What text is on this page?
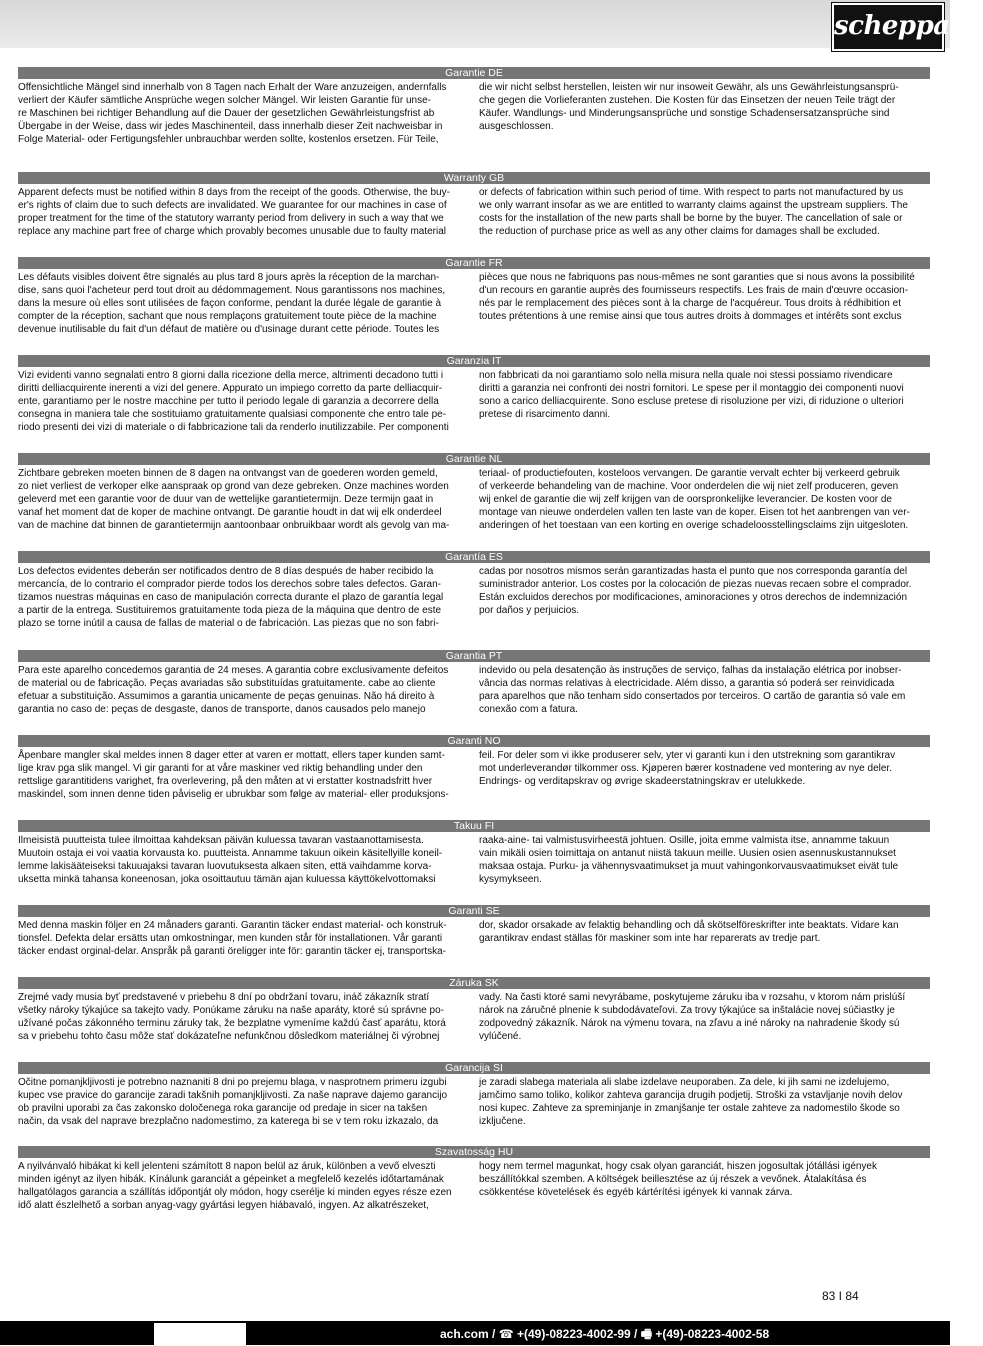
scheppach
Garantie DE
Offensichtliche Mängel sind innerhalb von 8 Tagen nach Erhalt der Ware anzuzeigen, andernfalls
verliert der Käufer sämtliche Ansprüche wegen solcher Mängel. Wir leisten Garantie für unse-
re Maschinen bei richtiger Behandlung auf die Dauer der gesetzlichen Gewährleistungsfrist ab
Übergabe in der Weise, dass wir jedes Maschinenteil, dass innerhalb dieser Zeit nachweisbar in
Folge Material- oder Fertigungsfehler unbrauchbar werden sollte, kostenlos ersetzen. Für Teile,
die wir nicht selbst herstellen, leisten wir nur insoweit Gewähr, als uns Gewährleistungsansprü-
che gegen die Vorlieferanten zustehen. Die Kosten für das Einsetzen der neuen Teile trägt der
Käufer. Wandlungs- und Minderungsansprüche und sonstige Schadensersatzansprüche sind
ausgeschlossen.
Warranty GB
Apparent defects must be notified within 8 days from the receipt of the goods. Otherwise, the buy-
er's rights of claim due to such defects are invalidated. We guarantee for our machines in case of
proper treatment for the time of the statutory warranty period from delivery in such a way that we
replace any machine part free of charge which provably becomes unusable due to faulty material
or defects of fabrication within such period of time. With respect to parts not manufactured by us
we only warrant insofar as we are entitled to warranty claims against the upstream suppliers. The
costs for the installation of the new parts shall be borne by the buyer. The cancellation of sale or
the reduction of purchase price as well as any other claims for damages shall be excluded.
Garantie FR
Les défauts visibles doivent être signalés au plus tard 8 jours après la réception de la marchan-
dise, sans quoi l'acheteur perd tout droit au dédommagement. Nous garantissons nos machines,
dans la mesure où elles sont utilisées de façon conforme, pendant la durée légale de garantie à
compter de la réception, sachant que nous remplaçons gratuitement toute pièce de la machine
devenue inutilisable du fait d'un défaut de matière ou d'usinage durant cette période. Toutes les
pièces que nous ne fabriquons pas nous-mêmes ne sont garanties que si nous avons la possibilité
d'un recours en garantie auprès des fournisseurs respectifs. Les frais de main d'œuvre occasion-
nés par le remplacement des pièces sont à la charge de l'acquéreur. Tous droits à rédhibition et
toutes prétentions à une remise ainsi que tous autres droits à dommages et intérêts sont exclus
Garanzia IT
Vizi evidenti vanno segnalati entro 8 giorni dalla ricezione della merce, altrimenti decadono tutti i
diritti delliacquirente inerenti a vizi del genere. Appurato un impiego corretto da parte delliacquir-
ente, garantiamo per le nostre macchine per tutto il periodo legale di garanzia a decorrere della
consegna in maniera tale che sostituiamo gratuitamente qualsiasi componente che entro tale pe-
riodo presenti dei vizi di materiale o di fabbricazione tali da renderlo inutilizzabile. Per componenti
non fabbricati da noi garantiamo solo nella misura nella quale noi stessi possiamo rivendicare
diritti a garanzia nei confronti dei nostri fornitori. Le spese per il montaggio dei componenti nuovi
sono a carico delliacquirente. Sono escluse pretese di risoluzione per vizi, di riduzione o ulteriori
pretese di risarcimento danni.
Garantie NL
Zichtbare gebreken moeten binnen de 8 dagen na ontvangst van de goederen worden gemeld,
zo niet verliest de verkoper elke aanspraak op grond van deze gebreken. Onze machines worden
geleverd met een garantie voor de duur van de wettelijke garantietermijn. Deze termijn gaat in
vanaf het moment dat de koper de machine ontvangt. De garantie houdt in dat wij elk onderdeel
van de machine dat binnen de garantietermijn aantoonbaar onbruikbaar wordt als gevolg van ma-
teriaal- of productiefouten, kosteloos vervangen. De garantie vervalt echter bij verkeerd gebruik
of verkeerde behandeling van de machine. Voor onderdelen die wij niet zelf produceren, geven
wij enkel de garantie die wij zelf krijgen van de oorspronkelijke leverancier. De kosten voor de
montage van nieuwe onderdelen vallen ten laste van de koper. Eisen tot het aanbrengen van ver-
anderingen of het toestaan van een korting en overige schadeloosstellingsclaims zijn uitgesloten.
Garantía ES
Los defectos evidentes deberán ser notificados dentro de 8 días después de haber recibido la
mercancía, de lo contrario el comprador pierde todos los derechos sobre tales defectos. Garan-
tizamos nuestras máquinas en caso de manipulación correcta durante el plazo de garantía legal
a partir de la entrega. Sustituiremos gratuitamente toda pieza de la máquina que dentro de este
plazo se torne inútil a causa de fallas de material o de fabricación. Las piezas que no son fabri-
cadas por nosotros mismos serán garantizadas hasta el punto que nos corresponda garantía del
suministrador anterior. Los costes por la colocación de piezas nuevas recaen sobre el comprador.
Están excluidos derechos por modificaciones, aminoraciones y otros derechos de indemnización
por daños y perjuicios.
Garantia PT
Para este aparelho concedemos garantia de 24 meses. A garantia cobre exclusivamente defeitos
de material ou de fabricação. Peças avariadas são substituídas gratuitamente. cabe ao cliente
efetuar a substituição. Assumimos a garantia unicamente de peças genuinas. Não há direito à
garantia no caso de: peças de desgaste, danos de transporte, danos causados pelo manejo
indevido ou pela desatenção às instruções de serviço, falhas da instalação elétrica por inobser-
vância das normas relativas à electricidade. Além disso, a garantia só poderá ser reinvidicada
para aparelhos que não tenham sido consertados por terceiros. O cartão de garantia só vale em
conexão com a fatura.
Garanti NO
Åpenbare mangler skal meldes innen 8 dager etter at varen er mottatt, ellers taper kunden samt-
lige krav pga slik mangel. Vi gir garanti for at våre maskiner ved riktig behandling under den
rettslige garantitidens varighet, fra overlevering, på den måten at vi erstatter kostnadsfritt hver
maskindel, som innen denne tiden påviselig er ubrukbar som følge av material- eller produksjons-
feil. For deler som vi ikke produserer selv, yter vi garanti kun i den utstrekning som garantikrav
mot underleverandør tilkommer oss. Kjøperen bærer kostnadene ved montering av nye deler.
Endrings- og verditapskrav og øvrige skadeerstatningskrav er utelukkede.
Takuu FI
Ilmeisistä puutteista tulee ilmoittaa kahdeksan päivän kuluessa tavaran vastaanottamisesta.
Muutoin ostaja ei voi vaatia korvausta ko. puutteista. Annamme takuun oikein käsitellyille koneil-
lemme lakisääteiseksi takuuajaksi tavaran luovutuksesta alkaen siten, että vaihdamme korva-
uksetta minkä tahansa koneenosan, joka osoittautuu tämän ajan kuluessa käyttökelvottomaksi
raaka-aine- tai valmistusvirheestä johtuen. Osille, joita emme valmista itse, annamme takuun
vain mikäli osien toimittaja on antanut niistä takuun meille. Uusien osien asennuskustannukset
maksaa ostaja. Purku- ja vähennysvaatimukset ja muut vahingonkorvausvaatimukset eivät tule
kysymykseen.
Garanti SE
Med denna maskin följer en 24 månaders garanti. Garantin täcker endast material- och konstruk-
tionsfel. Defekta delar ersätts utan omkostningar, men kunden står för installationen. Vår garanti
täcker endast orginal-delar. Anspråk på garanti öreligger inte för: garantin täcker ej, transportska-
dor, skador orsakade av felaktig behandling och då skötselföreskrifter inte beaktats. Vidare kan
garantikrav endast ställas för maskiner som inte har reparerats av tredje part.
Záruka SK
Zrejmé vady musia byť predstavené v priebehu 8 dní po obdržaní tovaru, ináč zákazník stratí
všetky nároky týkajúce sa takejto vady. Ponúkame záruku na naše aparáty, ktoré sú správne po-
užívané počas zákonného terminu záruky tak, že bezplatne vymeníme každú časť aparátu, ktorá
sa v priebehu tohto času môže stať dokázateľne nefunkčnou dôsledkom materiálnej či výrobnej
vady. Na časti ktoré sami nevyrábame, poskytujeme záruku iba v rozsahu, v ktorom nám prislúší
nárok na záručné plnenie k subdodávateľovi. Za trovy týkajúce sa inštalácie novej súčiastky je
zodpovedný zákazník. Nárok na výmenu tovara, na zľavu a iné nároky na nahradenie škody sú
vylúčené.
Garancija SI
Očitne pomanjkljivosti je potrebno naznaniti 8 dni po prejemu blaga, v nasprotnem primeru izgubi
kupec vse pravice do garancije zaradi takšnih pomanjkljivosti. Za naše naprave dajemo garancijo
ob pravilni uporabi za čas zakonsko določenega roka garancije od predaje in sicer na takšen
način, da vsak del naprave brezplačno nadomestimo, za katerega bi se v tem roku izkazalo, da
je zaradi slabega materiala ali slabe izdelave neuporaben. Za dele, ki jih sami ne izdelujemo,
jamčimo samo toliko, kolikor zahteva garancija drugih podjetij. Stroški za vstavljanje novih delov
nosi kupec. Zahteve za spreminjanje in zmanjšanje ter ostale zahteve za nadomestilo škode so
izključene.
Szavatosság HU
A nyilvánvaló hibákat ki kell jelenteni számított 8 napon belül az áruk, különben a vevő elveszti
minden igényt az ilyen hibák. Kínálunk garanciát a gépeinket a megfelelő kezelés időtartamának
hallgatólagos garancia a szállítás időpontját oly módon, hogy cserélje ki minden egyes része ezen
idő alatt észlelhető a sorban anyag-vagy gyártási legyen hiábavaló, ingyen. Az alkatrészeket,
hogy nem termel magunkat, hogy csak olyan garanciát, hiszen jogosultak jótállási igények
beszállítókkal szemben. A költségek beillesztése az új részek a vevőnek. Átalakítása és
csökkentése követelések és egyéb kártérítési igények ki vannak zárva.
83 I 84
ach.com / ☎ +(49)-08223-4002-99 / 🖷 +(49)-08223-4002-58
